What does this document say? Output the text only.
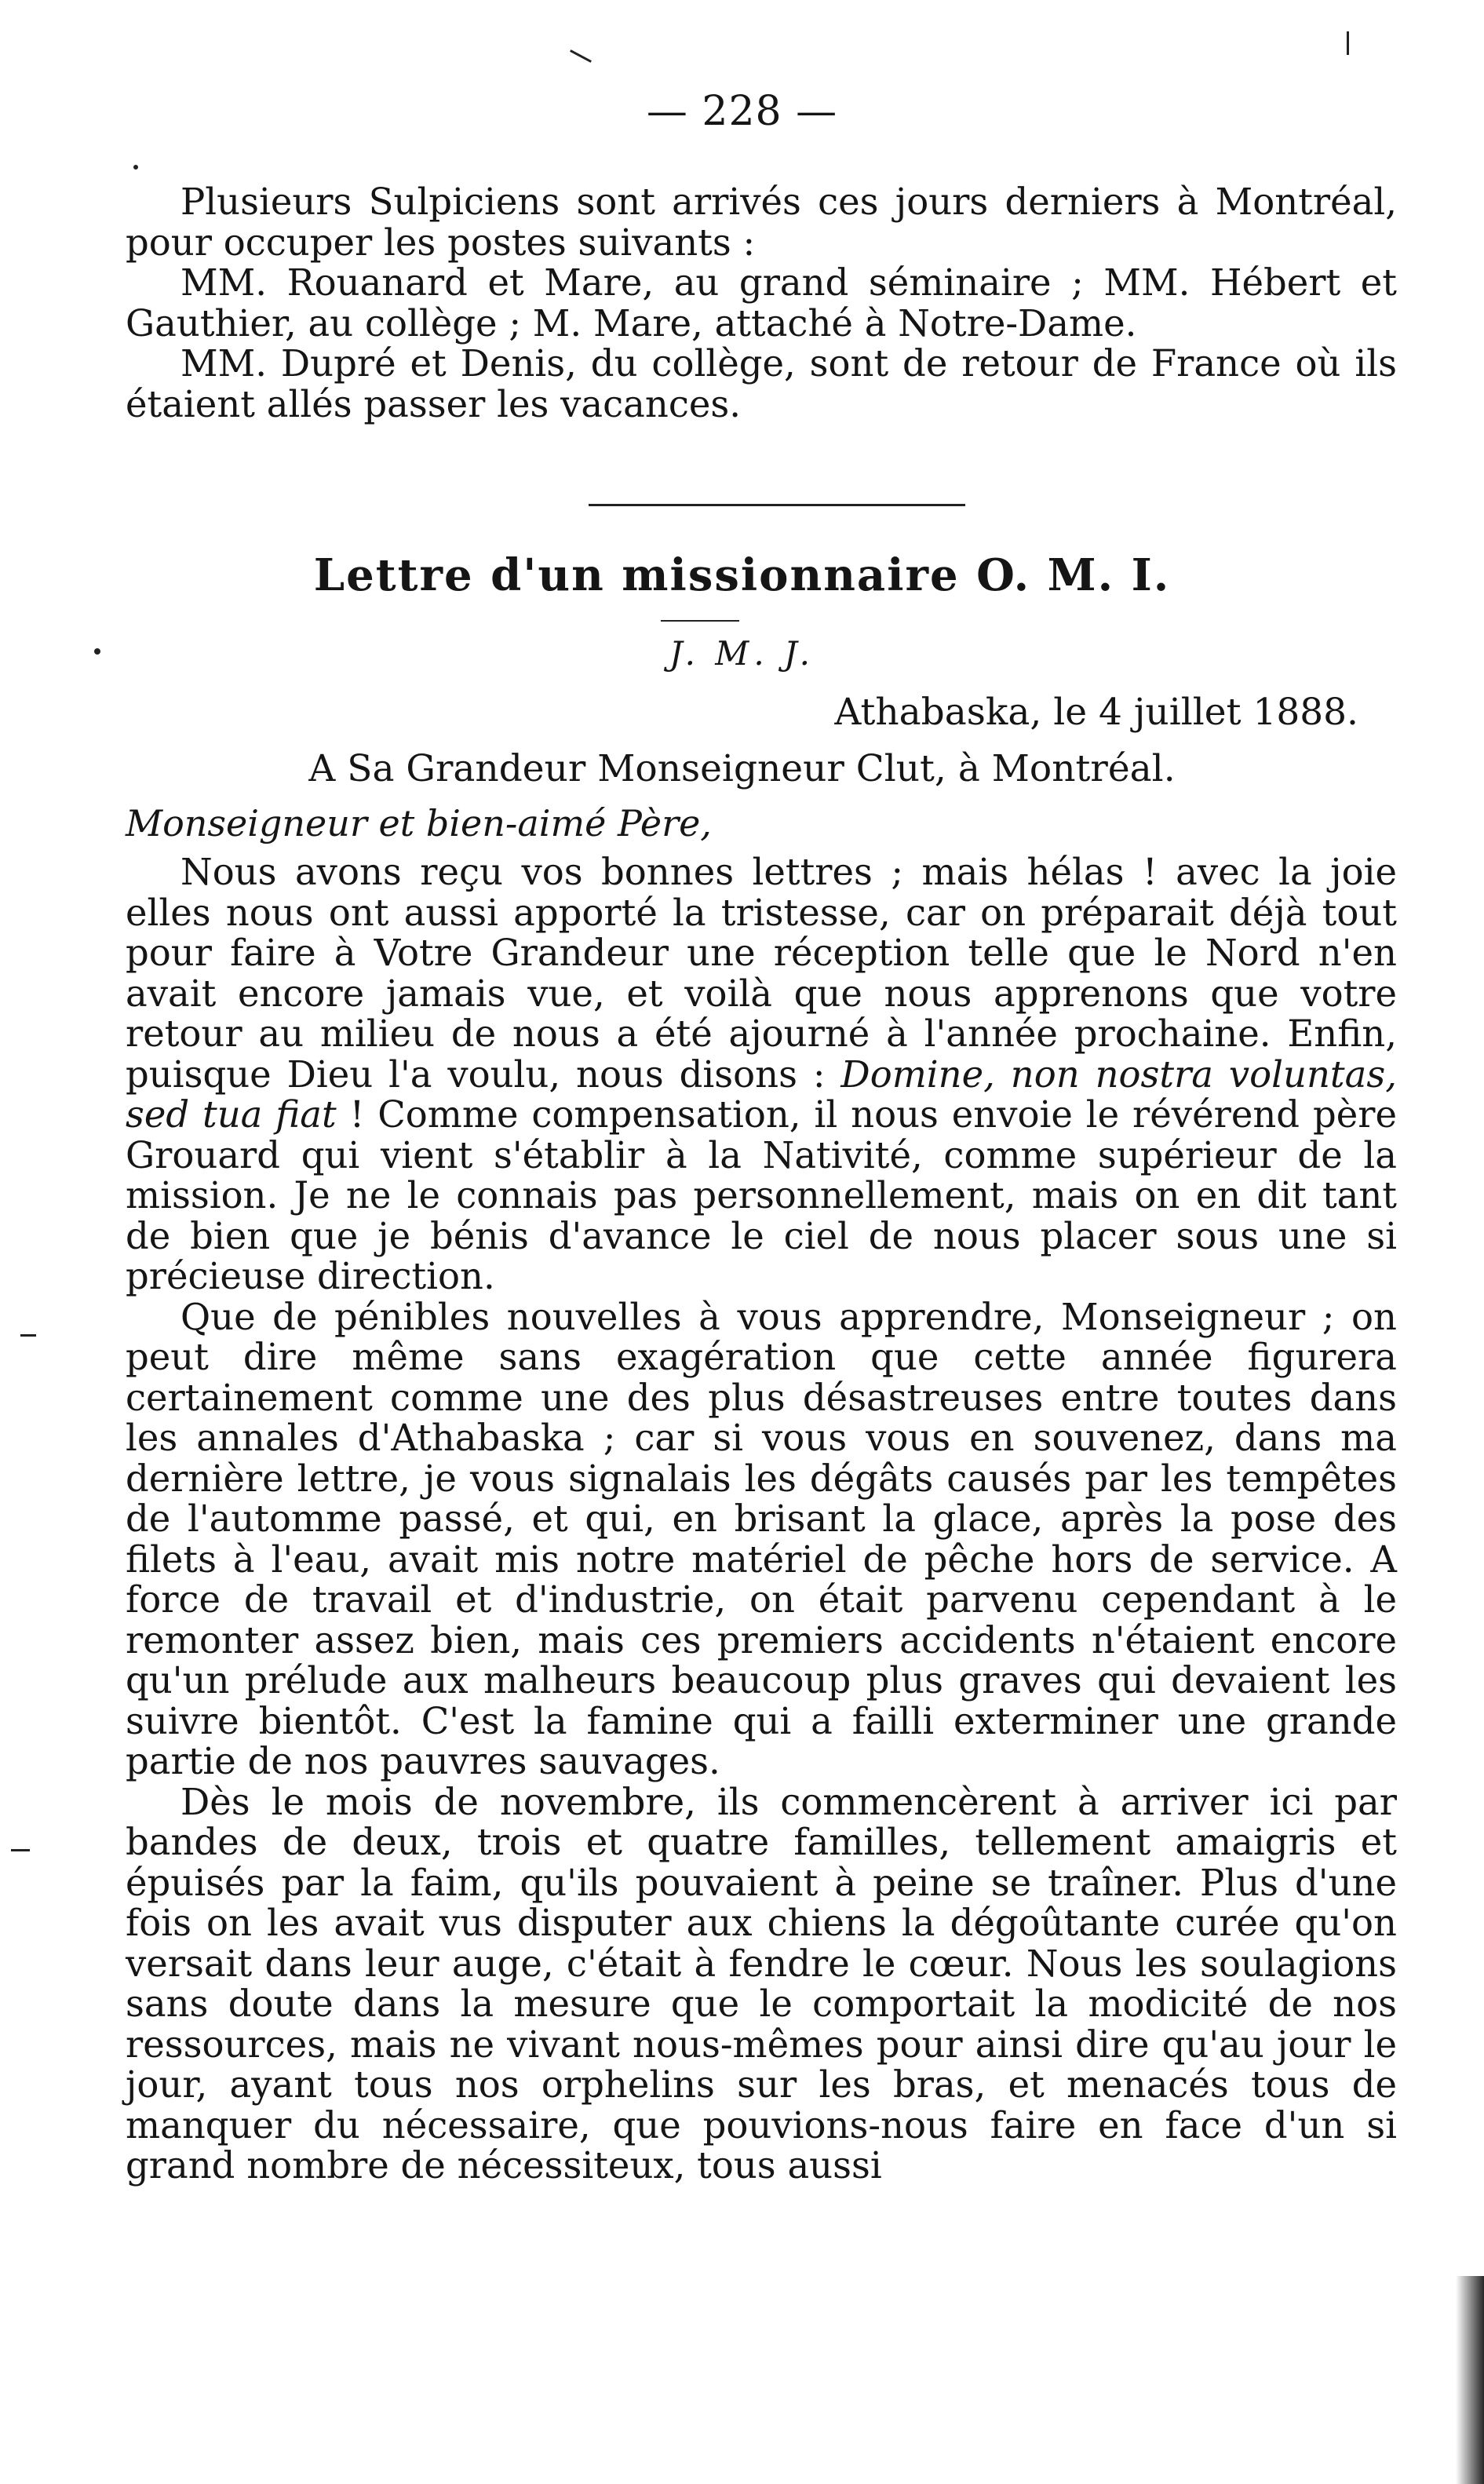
— 228 —

Plusieurs Sulpiciens sont arrivés ces jours derniers à Montréal, pour occuper les postes suivants :

MM. Rouanard et Mare, au grand séminaire ; MM. Hébert et Gauthier, au collège ; M. Mare, attaché à Notre-Dame.

MM. Dupré et Denis, du collège, sont de retour de France où ils étaient allés passer les vacances.

Lettre d'un missionnaire O. M. I.
J. M. J.
Athabaska, le 4 juillet 1888.
A Sa Grandeur Monseigneur Clut, à Montréal.
Monseigneur et bien-aimé Père,

Nous avons reçu vos bonnes lettres ; mais hélas ! avec la joie elles nous ont aussi apporté la tristesse, car on préparait déjà tout pour faire à Votre Grandeur une réception telle que le Nord n'en avait encore jamais vue, et voilà que nous apprenons que votre retour au milieu de nous a été ajourné à l'année prochaine. Enfin, puisque Dieu l'a voulu, nous disons : Domine, non nostra voluntas, sed tua fiat ! Comme compensation, il nous envoie le révérend père Grouard qui vient s'établir à la Nativité, comme supérieur de la mission. Je ne le connais pas personnellement, mais on en dit tant de bien que je bénis d'avance le ciel de nous placer sous une si précieuse direction.

Que de pénibles nouvelles à vous apprendre, Monseigneur ; on peut dire même sans exagération que cette année figurera certainement comme une des plus désastreuses entre toutes dans les annales d'Athabaska ; car si vous vous en souvenez, dans ma dernière lettre, je vous signalais les dégâts causés par les tempêtes de l'automme passé, et qui, en brisant la glace, après la pose des filets à l'eau, avait mis notre matériel de pêche hors de service. A force de travail et d'industrie, on était parvenu cependant à le remonter assez bien, mais ces premiers accidents n'étaient encore qu'un prélude aux malheurs beaucoup plus graves qui devaient les suivre bientôt. C'est la famine qui a failli exterminer une grande partie de nos pauvres sauvages.

Dès le mois de novembre, ils commencèrent à arriver ici par bandes de deux, trois et quatre familles, tellement amaigris et épuisés par la faim, qu'ils pouvaient à peine se traîner. Plus d'une fois on les avait vus disputer aux chiens la dégoûtante curée qu'on versait dans leur auge, c'était à fendre le cœur. Nous les soulagions sans doute dans la mesure que le comportait la modicité de nos ressources, mais ne vivant nous-mêmes pour ainsi dire qu'au jour le jour, ayant tous nos orphelins sur les bras, et menacés tous de manquer du nécessaire, que pouvions-nous faire en face d'un si grand nombre de nécessiteux, tous aussi
